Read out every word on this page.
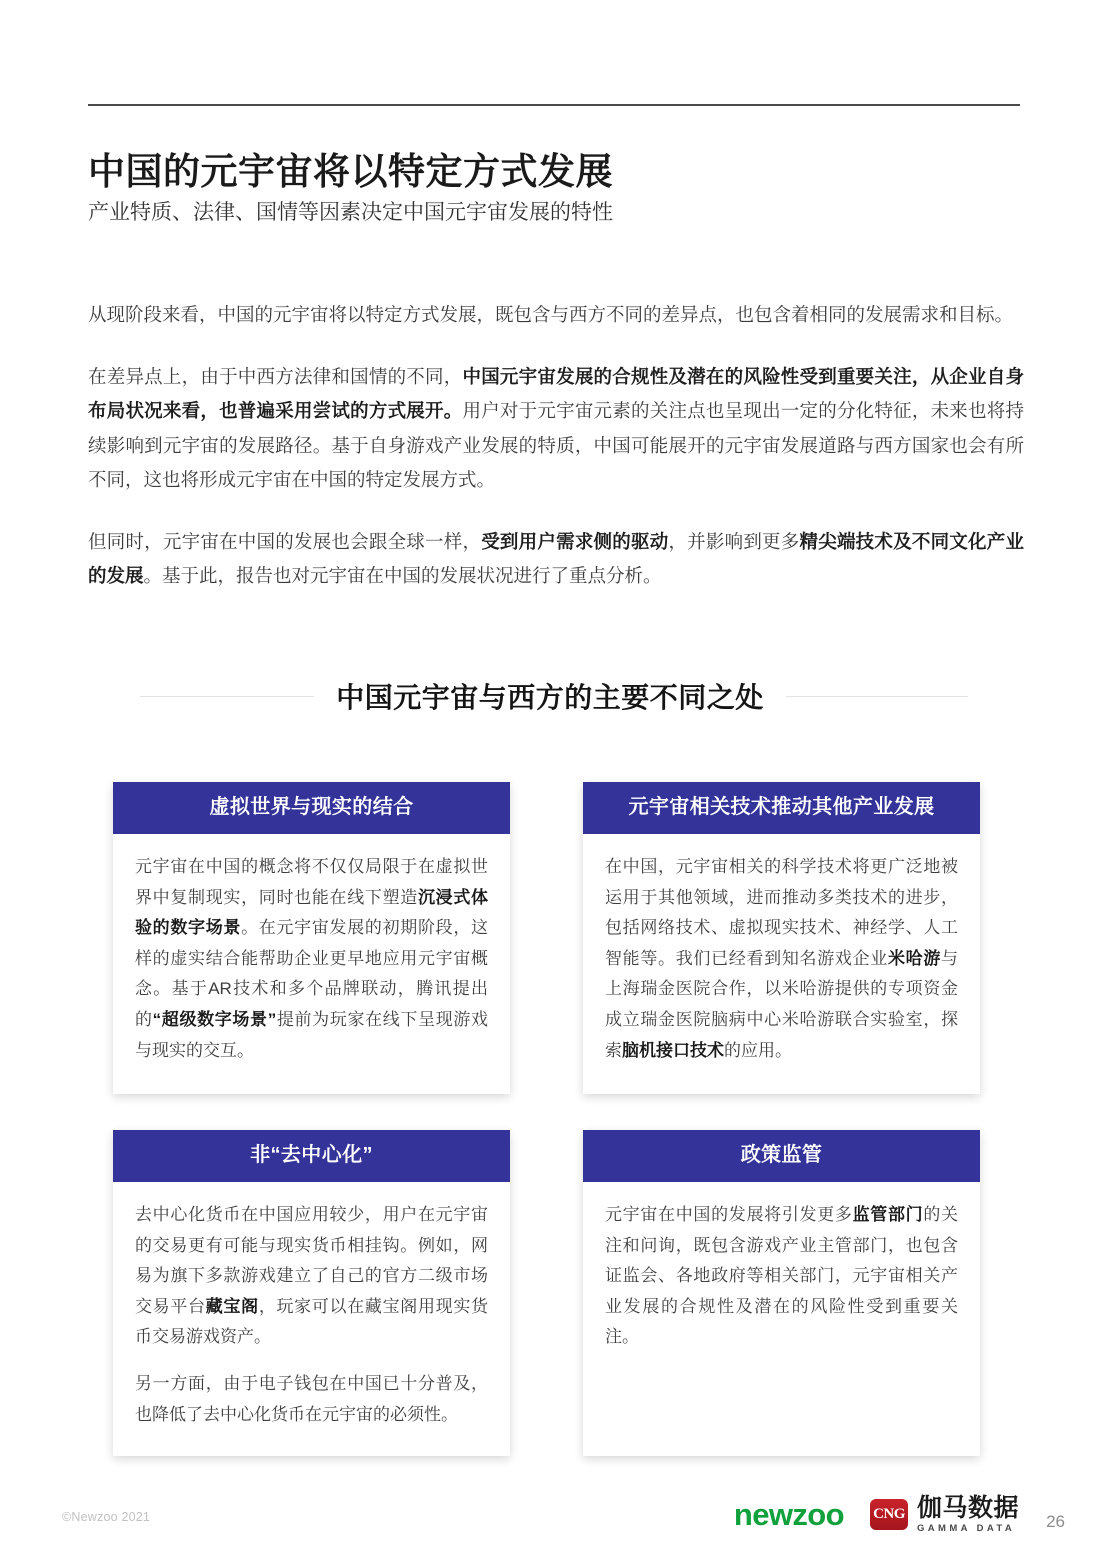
中国的元宇宙将以特定方式发展
产业特质、法律、国情等因素决定中国元宇宙发展的特性

从现阶段来看，中国的元宇宙将以特定方式发展，既包含与西方不同的差异点，也包含着相同的发展需求和目标。

在差异点上，由于中西方法律和国情的不同，中国元宇宙发展的合规性及潜在的风险性受到重要关注，从企业自身布局状况来看，也普遍采用尝试的方式展开。用户对于元宇宙元素的关注点也呈现出一定的分化特征，未来也将持续影响到元宇宙的发展路径。基于自身游戏产业发展的特质，中国可能展开的元宇宙发展道路与西方国家也会有所不同，这也将形成元宇宙在中国的特定发展方式。

但同时，元宇宙在中国的发展也会跟全球一样，受到用户需求侧的驱动，并影响到更多精尖端技术及不同文化产业的发展。基于此，报告也对元宇宙在中国的发展状况进行了重点分析。

中国元宇宙与西方的主要不同之处
虚拟世界与现实的结合

元宇宙在中国的概念将不仅仅局限于在虚拟世界中复制现实，同时也能在线下塑造沉浸式体验的数字场景。在元宇宙发展的初期阶段，这样的虚实结合能帮助企业更早地应用元宇宙概念。基于AR技术和多个品牌联动，腾讯提出的“超级数字场景”提前为玩家在线下呈现游戏与现实的交互。

元宇宙相关技术推动其他产业发展

在中国，元宇宙相关的科学技术将更广泛地被运用于其他领域，进而推动多类技术的进步，包括网络技术、虚拟现实技术、神经学、人工智能等。我们已经看到知名游戏企业米哈游与上海瑞金医院合作，以米哈游提供的专项资金成立瑞金医院脑病中心米哈游联合实验室，探索脑机接口技术的应用。

非“去中心化”

去中心化货币在中国应用较少，用户在元宇宙的交易更有可能与现实货币相挂钩。例如，网易为旗下多款游戏建立了自己的官方二级市场交易平台藏宝阁，玩家可以在藏宝阁用现实货币交易游戏资产。

另一方面，由于电子钱包在中国已十分普及，也降低了去中心化货币在元宇宙的必须性。

政策监管

元宇宙在中国的发展将引发更多监管部门的关注和问询，既包含游戏产业主管部门，也包含证监会、各地政府等相关部门，元宇宙相关产业发展的合规性及潜在的风险性受到重要关注。

©Newzoo 2021	newzoo CNG 伽马数据
GAMMA DATA 26
